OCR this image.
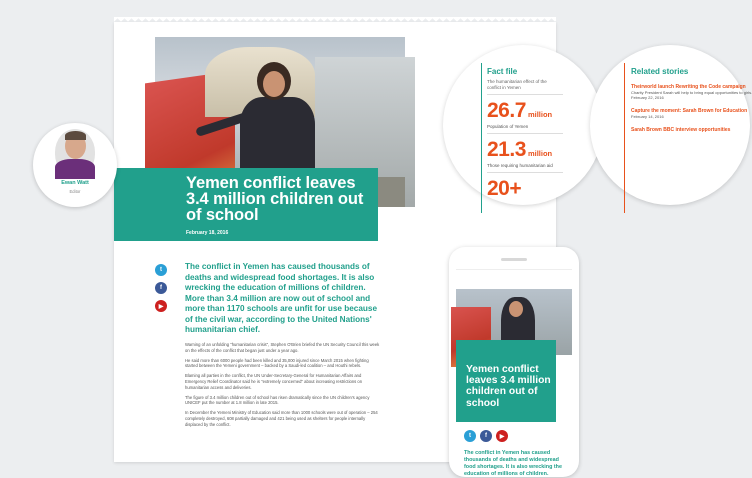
Yemen conflict leaves 3.4 million children out of school
February 18, 2016
t
f
▶

The conflict in Yemen has caused thousands of deaths and widespread food shortages. It is also wrecking the education of millions of children. More than 3.4 million are now out of school and more than 1170 schools are unfit for use because of the civil war, according to the United Nations' humanitarian chief.

Warning of an unfolding "humanitarian crisis", Stephen O'Brien briefed the UN Security Council this week on the effects of the conflict that began just under a year ago.

He said more than 6000 people had been killed and 35,000 injured since March 2015 when fighting started between the Yemeni government – backed by a Saudi-led coalition – and Houthi rebels.

Blaming all parties in the conflict, the UN Under-Secretary-General for Humanitarian Affairs and Emergency Relief Coordinator said he is "extremely concerned" about increasing restrictions on humanitarian access and deliveries.

The figure of 3.4 million children out of school has risen dramatically since the UN children's agency UNICEF put the number at 1.8 million in late 2015.

In December the Yemeni Ministry of Education said more than 1000 schools were out of operation – 254 completely destroyed, 608 partially damaged and 421 being used as shelters for people internally displaced by the conflict.

Ewan Watt
Editor
Fact file
The humanitarian effect of the conflict in Yemen
26.7 million
Population of Yemen
21.3 million
Those requiring humanitarian aid
20+
Related stories
Theirworld launch Rewriting the Code campaign
Charity President Sarah will help to bring equal opportunities to girls.
February 22, 2016
Capture the moment: Sarah Brown for Education
February 14, 2016
Sarah Brown BBC interview opportunities
Yemen conflict leaves 3.4 million children out of school
t	f	▶

The conflict in Yemen has caused thousands of deaths and widespread food shortages. It is also wrecking the education of millions of children.
